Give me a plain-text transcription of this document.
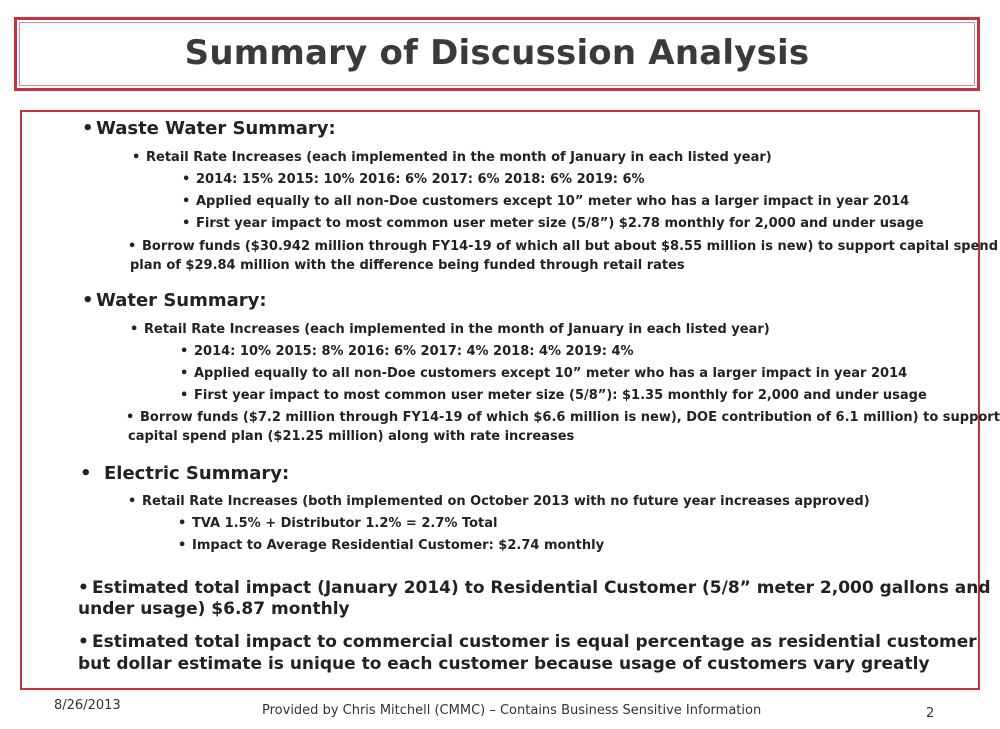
Summary of Discussion Analysis
• Waste Water Summary:
• Retail Rate Increases (each implemented in the month of January in each listed year)
• 2014: 15% 2015: 10% 2016: 6% 2017: 6% 2018: 6% 2019: 6%
• Applied equally to all non-Doe customers except 10” meter who has a larger impact in year 2014
• First year impact to most common user meter size (5/8”) $2.78 monthly for 2,000 and under usage
• Borrow funds ($30.942 million through FY14-19 of which all but about $8.55 million is new) to support capital spend
plan of $29.84 million with the difference being funded through retail rates
• Water Summary:
• Retail Rate Increases (each implemented in the month of January in each listed year)
• 2014: 10% 2015: 8% 2016: 6% 2017: 4% 2018: 4% 2019: 4%
• Applied equally to all non-Doe customers except 10” meter who has a larger impact in year 2014
• First year impact to most common user meter size (5/8”): $1.35 monthly for 2,000 and under usage
• Borrow funds ($7.2 million through FY14-19 of which $6.6 million is new), DOE contribution of 6.1 million) to support
capital spend plan ($21.25 million) along with rate increases
• Electric Summary:
• Retail Rate Increases (both implemented on October 2013 with no future year increases approved)
• TVA 1.5% + Distributor 1.2% = 2.7% Total
• Impact to Average Residential Customer: $2.74 monthly
• Estimated total impact (January 2014) to Residential Customer (5/8” meter 2,000 gallons and
under usage) $6.87 monthly
• Estimated total impact to commercial customer is equal percentage as residential customer
but dollar estimate is unique to each customer because usage of customers vary greatly
8/26/2013	Provided by Chris Mitchell (CMMC) – Contains Business Sensitive Information	2
